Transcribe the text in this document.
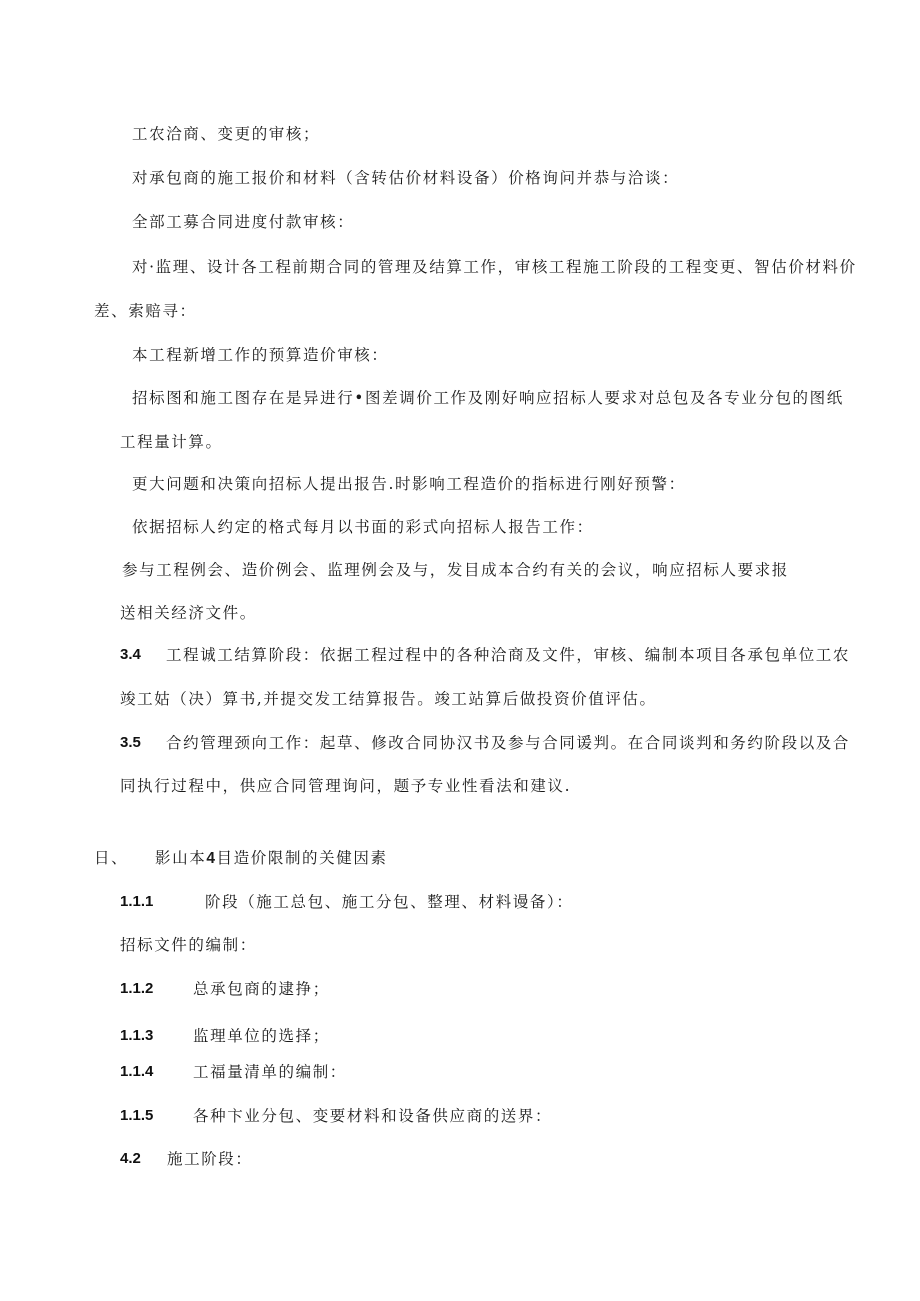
工农洽商、变更的审核；
对承包商的施工报价和材料（含转估价材料设备）价格询问并恭与洽谈：
全部工募合同进度付款审核：
对·监理、设计各工程前期合同的管理及结算工作，审核工程施工阶段的工程变更、智估价材料价
差、索赔寻：
本工程新增工作的预算造价审核：
招标图和施工图存在是异进行•图差调价工作及刚好响应招标人要求对总包及各专业分包的图纸
工程量计算。
更大问题和决策向招标人提出报告.时影响工程造价的指标进行刚好预警：
依据招标人约定的格式每月以书面的彩式向招标人报告工作：
参与工程例会、造价例会、监理例会及与，发目成本合约有关的会议，响应招标人要求报
送相关经济文件。
3.4 工程诚工结算阶段：依据工程过程中的各种洽商及文件，审核、编制本项目各承包单位工农
竣工姑（决）算书,并提交发工结算报告。竣工站算后做投资价值评估。
3.5 合约管理颈向工作：起草、修改合同协汉书及参与合同谖判。在合同谈判和务约阶段以及合
同执行过程中，供应合同管理询问，题予专业性看法和建议.
日、 影山本4目造价限制的关健因素
1.1.1	阶段（施工总包、施工分包、整理、材料谩备）：
招标文件的编制：
1.1.2	总承包商的逮挣；
1.1.3	监理单位的选择；
1.1.4	工福量清单的编制：
1.1.5	各种卞业分包、变要材料和设备供应商的送界：
4.2 施工阶段：
